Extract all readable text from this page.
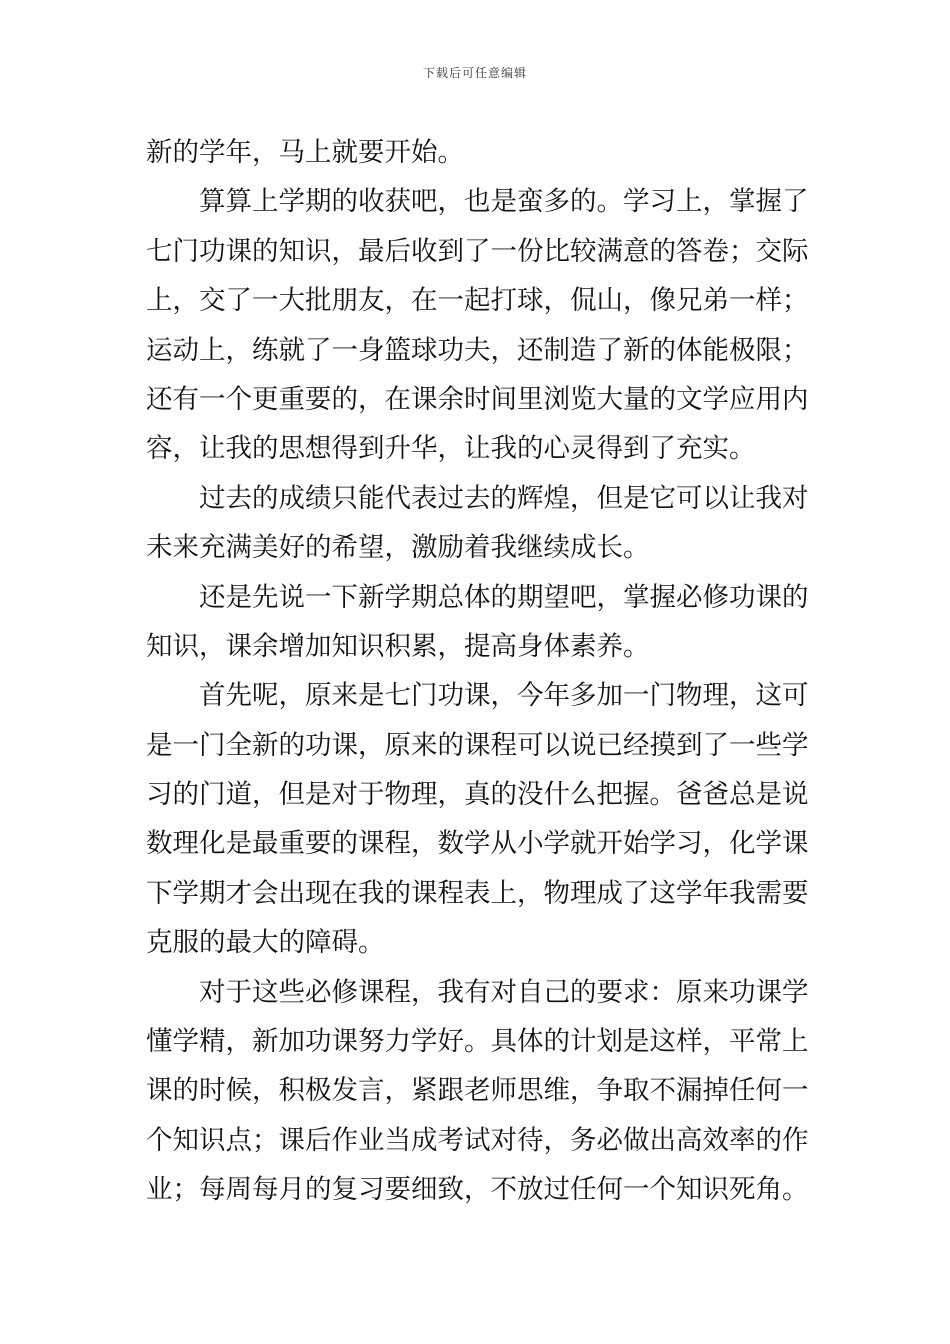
下载后可任意编辑
新的学年，马上就要开始。
算算上学期的收获吧，也是蛮多的。学习上，掌握了
七门功课的知识，最后收到了一份比较满意的答卷；交际
上，交了一大批朋友，在一起打球，侃山，像兄弟一样；
运动上，练就了一身篮球功夫，还制造了新的体能极限；
还有一个更重要的，在课余时间里浏览大量的文学应用内
容，让我的思想得到升华，让我的心灵得到了充实。
过去的成绩只能代表过去的辉煌，但是它可以让我对
未来充满美好的希望，激励着我继续成长。
还是先说一下新学期总体的期望吧，掌握必修功课的
知识，课余增加知识积累，提高身体素养。
首先呢，原来是七门功课，今年多加一门物理，这可
是一门全新的功课，原来的课程可以说已经摸到了一些学
习的门道，但是对于物理，真的没什么把握。爸爸总是说
数理化是最重要的课程，数学从小学就开始学习，化学课
下学期才会出现在我的课程表上，物理成了这学年我需要
克服的最大的障碍。
对于这些必修课程，我有对自己的要求：原来功课学
懂学精，新加功课努力学好。具体的计划是这样，平常上
课的时候，积极发言，紧跟老师思维，争取不漏掉任何一
个知识点；课后作业当成考试对待，务必做出高效率的作
业；每周每月的复习要细致，不放过任何一个知识死角。
